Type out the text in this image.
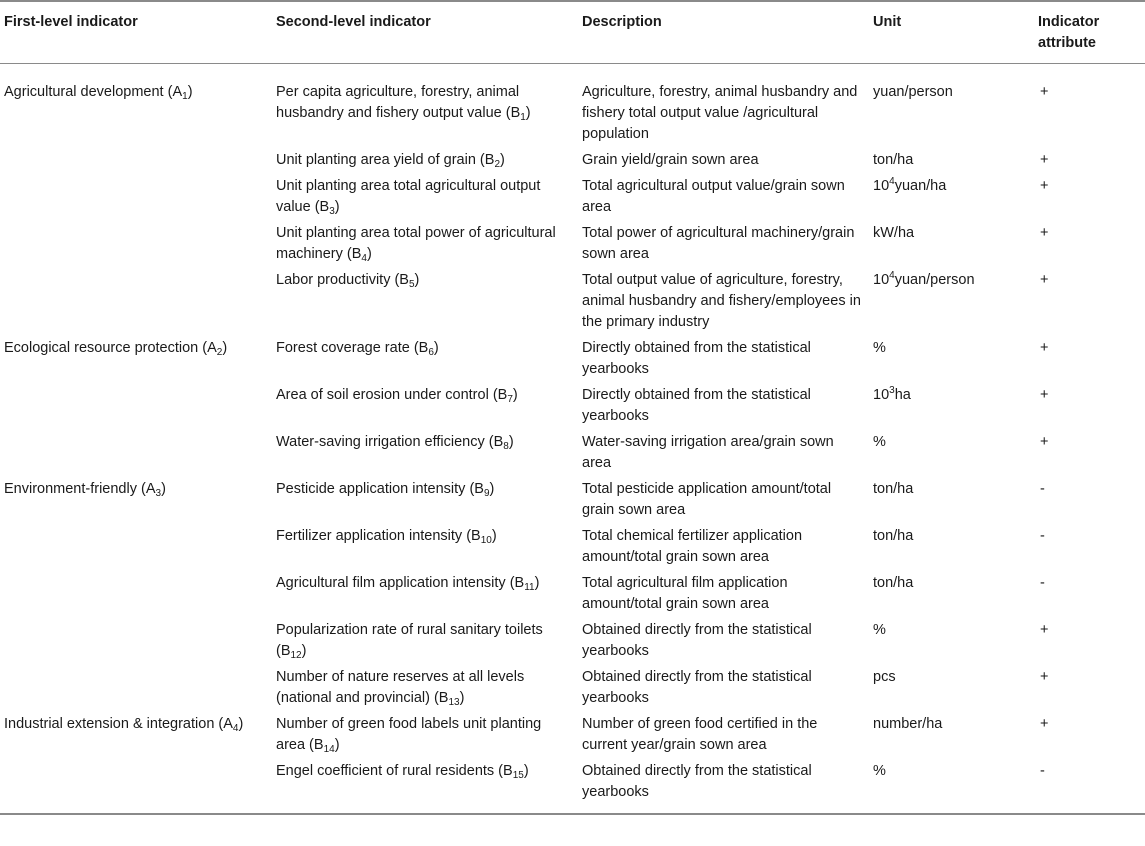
First-level indicator	Second-level indicator	Description	Unit	Indicator attribute
Agricultural development $(A_1)$	Per capita agriculture, forestry, animal husbandry and fishery output value $(B_1)$	Agriculture, forestry, animal husbandry and fishery total output value /agricultural population	yuan/person	+
	Unit planting area yield of grain $(B_2)$	Grain yield/grain sown area	ton/ha	+
	Unit planting area total agricultural output value $(B_3)$	Total agricultural output value/grain sown area	$10^4yuan/ha$	+
	Unit planting area total power of agricultural machinery $(B_4)$	Total power of agricultural machinery/grain sown area	kW/ha	+
	Labor productivity $(B_5)$	Total output value of agriculture, forestry, animal husbandry and fishery/employees in the primary industry	$10^4yuan$/person	+
Ecological resource protection $(A_2)$	Forest coverage rate $(B_6)$	Directly obtained from the statistical yearbooks	%	+
	Area of soil erosion under control $(B_7)$	Directly obtained from the statistical yearbooks	$10^3ha$	+
	Water-saving irrigation efficiency $(B_8)$	Water-saving irrigation area/grain sown area	%	+
Environment-friendly $(A_3)$	Pesticide application intensity $(B_9)$	Total pesticide application amount/total grain sown area	ton/ha	-
	Fertilizer application intensity $(B_{10})$	Total chemical fertilizer application amount/total grain sown area	ton/ha	-
	Agricultural film application intensity $(B_{11})$	Total agricultural film application amount/total grain sown area	ton/ha	-
	Popularization rate of rural sanitary toilets $(B_{12})$	Obtained directly from the statistical yearbooks	%	+
	Number of nature reserves at all levels (national and provincial) $(B_{13})$	Obtained directly from the statistical yearbooks	pcs	+
Industrial extension & integration $(A_4)$	Number of green food labels unit planting area $(B_{14})$	Number of green food certified in the current year/grain sown area	number/ha	+
	Engel coefficient of rural residents $(B_{15})$	Obtained directly from the statistical yearbooks	%	-
